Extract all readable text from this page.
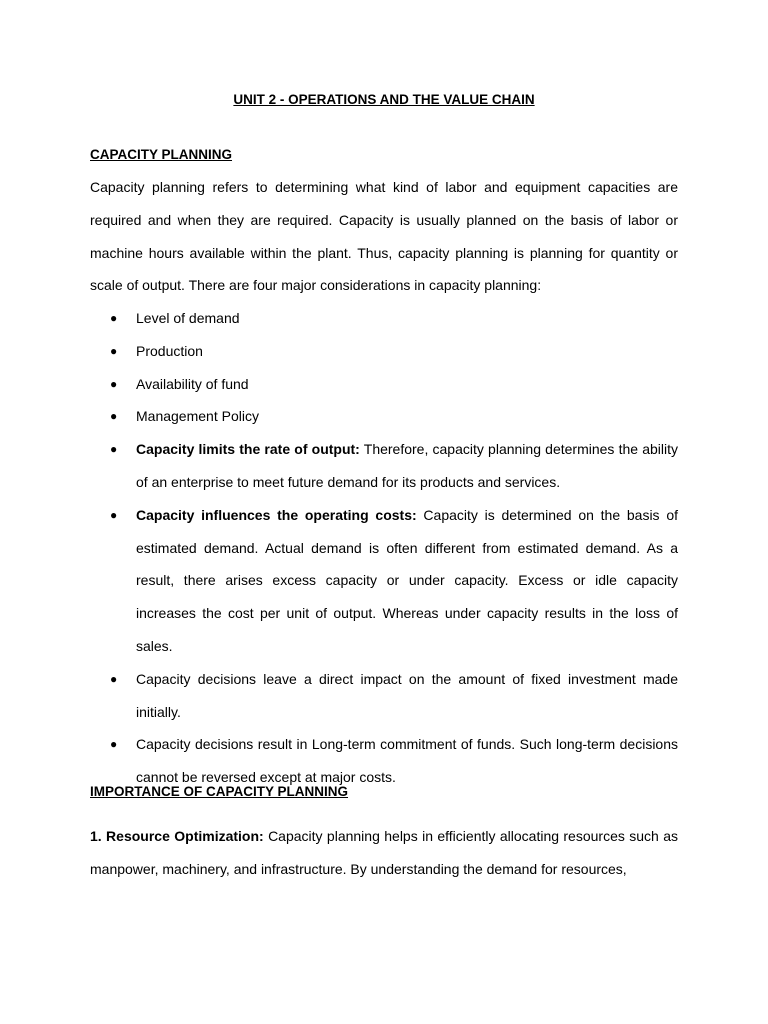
UNIT 2 - OPERATIONS AND THE VALUE CHAIN
CAPACITY PLANNING

Capacity planning refers to determining what kind of labor and equipment capacities are required and when they are required. Capacity is usually planned on the basis of labor or machine hours available within the plant. Thus, capacity planning is planning for quantity or scale of output. There are four major considerations in capacity planning:

● Level of demand
● Production
● Availability of fund
● Management Policy
● Capacity limits the rate of output: Therefore, capacity planning determines the ability of an enterprise to meet future demand for its products and services.
● Capacity influences the operating costs: Capacity is determined on the basis of estimated demand. Actual demand is often different from estimated demand. As a result, there arises excess capacity or under capacity. Excess or idle capacity increases the cost per unit of output. Whereas under capacity results in the loss of sales.
● Capacity decisions leave a direct impact on the amount of fixed investment made initially.
● Capacity decisions result in Long-term commitment of funds. Such long-term decisions cannot be reversed except at major costs.
IMPORTANCE OF CAPACITY PLANNING

1. Resource Optimization: Capacity planning helps in efficiently allocating resources such as manpower, machinery, and infrastructure. By understanding the demand for resources,
